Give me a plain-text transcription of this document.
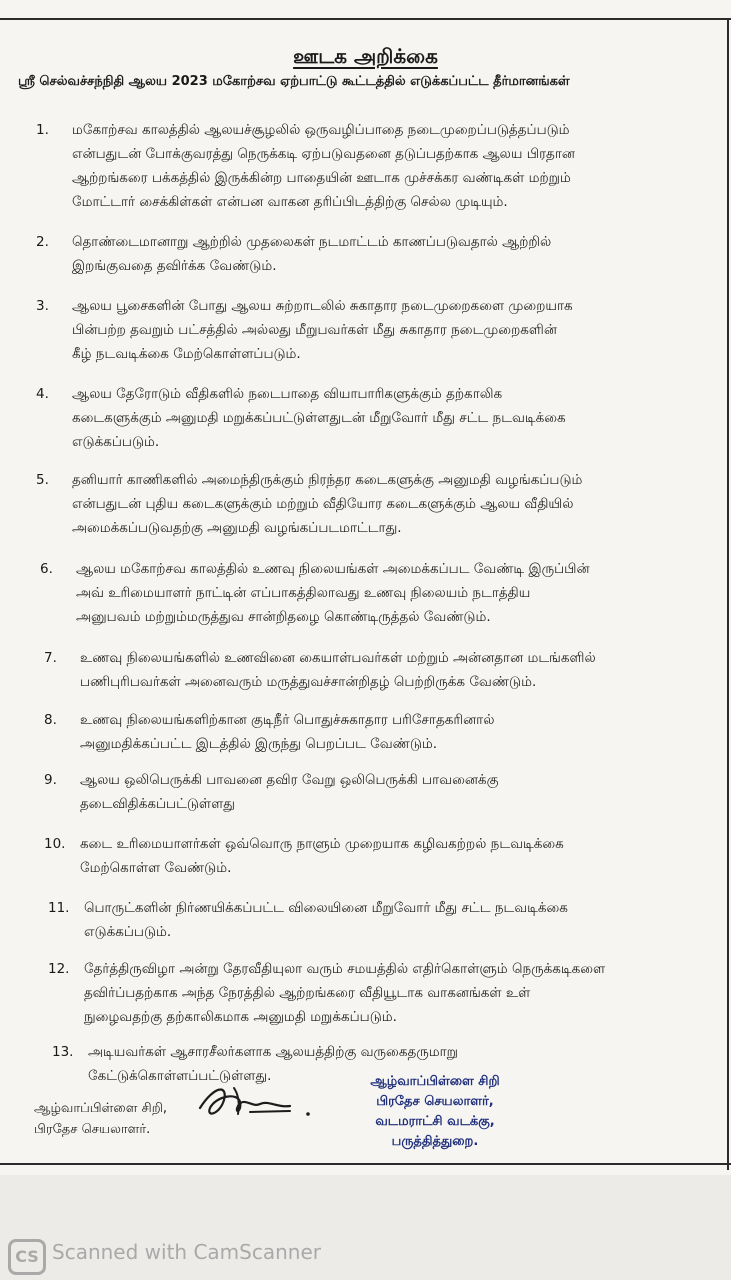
ஊடக அறிக்கை
ஸ்ரீ செல்வச்சந்நிதி ஆலய 2023 மகோற்சவ ஏற்பாட்டு கூட்டத்தில் எடுக்கப்பட்ட தீர்மானங்கள்
1.	மகோற்சவ காலத்தில் ஆலயச்சூழலில் ஒருவழிப்பாதை நடைமுறைப்படுத்தப்படும்
என்பதுடன் போக்குவரத்து நெருக்கடி ஏற்படுவதனை தடுப்பதற்காக ஆலய பிரதான
ஆற்றங்கரை பக்கத்தில் இருக்கின்ற பாதையின் ஊடாக முச்சக்கர வண்டிகள் மற்றும்
மோட்டார் சைக்கிள்கள் என்பன வாகன தரிப்பிடத்திற்கு செல்ல முடியும்.
2.	தொண்டைமானாறு ஆற்றில் முதலைகள் நடமாட்டம் காணப்படுவதால் ஆற்றில்
இறங்குவதை தவிர்க்க வேண்டும்.
3.	ஆலய பூசைகளின் போது ஆலய சுற்றாடலில் சுகாதார நடைமுறைகளை முறையாக
பின்பற்ற தவறும் பட்சத்தில் அல்லது மீறுபவர்கள் மீது சுகாதார நடைமுறைகளின்
கீழ் நடவடிக்கை மேற்கொள்ளப்படும்.
4.	ஆலய தேரோடும் வீதிகளில் நடைபாதை வியாபாரிகளுக்கும் தற்காலிக
கடைகளுக்கும் அனுமதி மறுக்கப்பட்டுள்ளதுடன் மீறுவோர் மீது சட்ட நடவடிக்கை
எடுக்கப்படும்.
5.	தனியார் காணிகளில் அமைந்திருக்கும் நிரந்தர கடைகளுக்கு அனுமதி வழங்கப்படும்
என்பதுடன் புதிய கடைகளுக்கும் மற்றும் வீதியோர கடைகளுக்கும் ஆலய வீதியில்
அமைக்கப்படுவதற்கு அனுமதி வழங்கப்படமாட்டாது.
6.	ஆலய மகோற்சவ காலத்தில் உணவு நிலையங்கள் அமைக்கப்பட வேண்டி இருப்பின்
அவ் உரிமையாளர் நாட்டின் எப்பாகத்திலாவது உணவு நிலையம் நடாத்திய
அனுபவம் மற்றும்மருத்துவ சான்றிதழை கொண்டிருத்தல் வேண்டும்.
7.	உணவு நிலையங்களில் உணவினை கையாள்பவர்கள் மற்றும் அன்னதான மடங்களில்
பணிபுரிபவர்கள் அனைவரும் மருத்துவச்சான்றிதழ் பெற்றிருக்க வேண்டும்.
8.	உணவு நிலையங்களிற்கான குடிநீர் பொதுச்சுகாதார பரிசோதகரினால்
அனுமதிக்கப்பட்ட இடத்தில் இருந்து பெறப்பட வேண்டும்.
9.	ஆலய ஒலிபெருக்கி பாவனை தவிர வேறு ஒலிபெருக்கி பாவனைக்கு
தடைவிதிக்கப்பட்டுள்ளது
10.	கடை உரிமையாளர்கள் ஒவ்வொரு நாளும் முறையாக கழிவகற்றல் நடவடிக்கை
மேற்கொள்ள வேண்டும்.
11.	பொருட்களின் நிர்ணயிக்கப்பட்ட விலையினை மீறுவோர் மீது சட்ட நடவடிக்கை
எடுக்கப்படும்.
12.	தேர்த்திருவிழா அன்று தேரவீதியுலா வரும் சமயத்தில் எதிர்கொள்ளும் நெருக்கடிகளை
தவிர்ப்பதற்காக அந்த நேரத்தில் ஆற்றங்கரை வீதியூடாக வாகனங்கள் உள்
நுழைவதற்கு தற்காலிகமாக அனுமதி மறுக்கப்படும்.
13.	அடியவர்கள் ஆசாரசீலர்களாக ஆலயத்திற்கு வருகைதருமாறு
கேட்டுக்கொள்ளப்பட்டுள்ளது.
ஆழ்வாப்பிள்ளை சிறி,
பிரதேச செயலாளர்.
ஆழ்வாப்பிள்ளை சிறி
பிரதேச செயலாளர்,
வடமராட்சி வடக்கு,
பருத்தித்துறை.
CS Scanned with CamScanner
